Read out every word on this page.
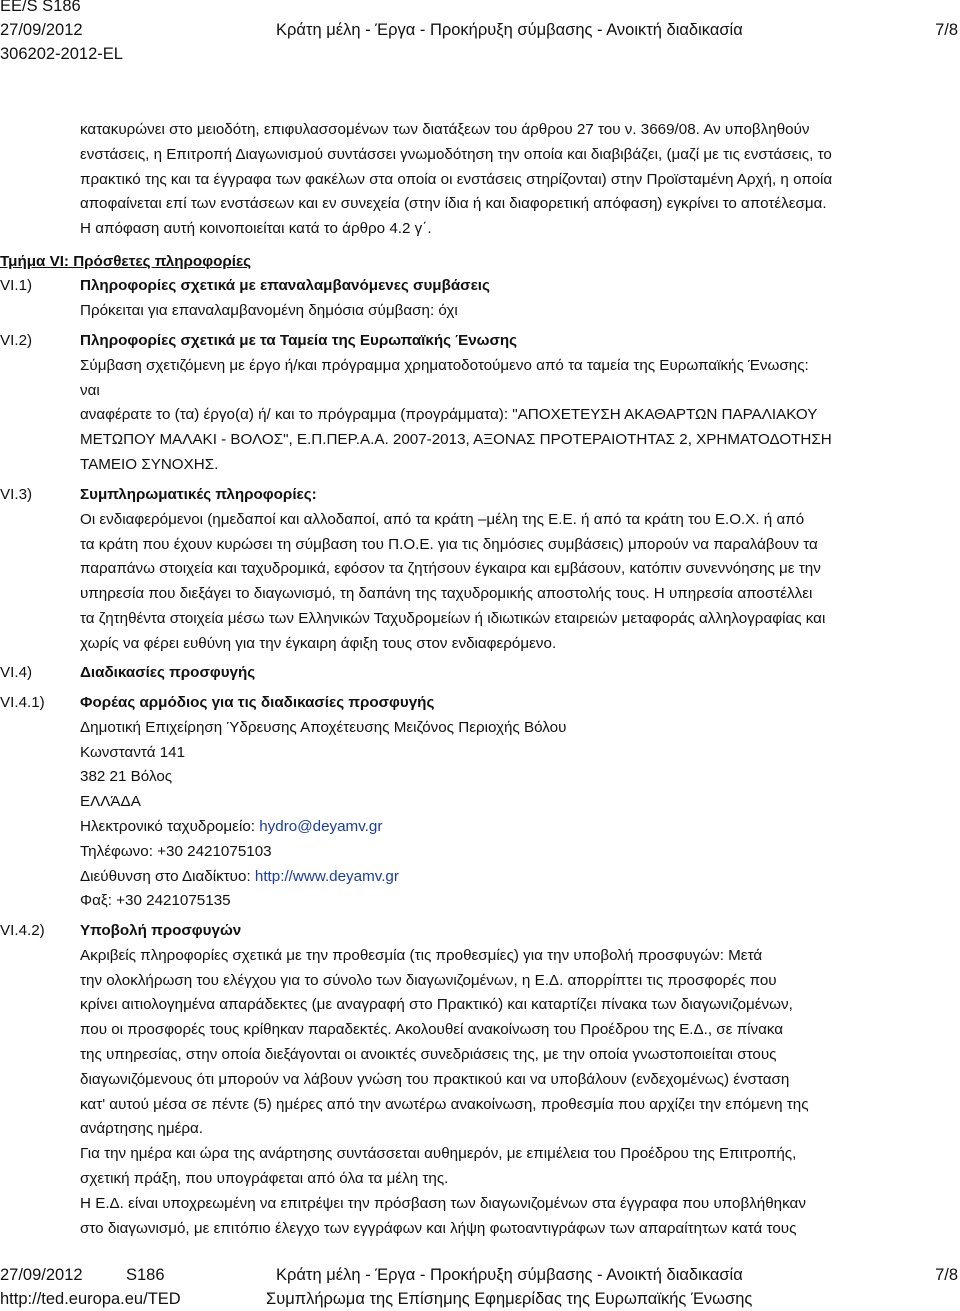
EE/S S186
27/09/2012
306202-2012-EL
Κράτη μέλη - Έργα - Προκήρυξη σύμβασης - Ανοικτή διαδικασία	7/8
κατακυρώνει στο μειοδότη, επιφυλασσομένων των διατάξεων του άρθρου 27 του ν. 3669/08. Αν υποβληθούν
ενστάσεις, η Επιτροπή Διαγωνισμού συντάσσει γνωμοδότηση την οποία και διαβιβάζει, (μαζί με τις ενστάσεις, το
πρακτικό της και τα έγγραφα των φακέλων στα οποία οι ενστάσεις στηρίζονται) στην Προϊσταμένη Αρχή, η οποία
αποφαίνεται επί των ενστάσεων και εν συνεχεία (στην ίδια ή και διαφορετική απόφαση) εγκρίνει το αποτέλεσμα.
Η απόφαση αυτή κοινοποιείται κατά το άρθρο 4.2 γ΄.
Τμήμα VI: Πρόσθετες πληροφορίες
VI.1)	Πληροφορίες σχετικά με επαναλαμβανόμενες συμβάσεις
Πρόκειται για επαναλαμβανομένη δημόσια σύμβαση: όχι
VI.2)	Πληροφορίες σχετικά με τα Ταμεία της Ευρωπαϊκής Ένωσης
Σύμβαση σχετιζόμενη με έργο ή/και πρόγραμμα χρηματοδοτούμενο από τα ταμεία της Ευρωπαϊκής Ένωσης:
ναι
αναφέρατε το (τα) έργο(α) ή/ και το πρόγραμμα (προγράμματα): "ΑΠΟΧΕΤΕΥΣΗ ΑΚΑΘΑΡΤΩΝ ΠΑΡΑΛΙΑΚΟΥ
ΜΕΤΩΠΟΥ ΜΑΛΑΚΙ - ΒΟΛΟΣ", Ε.Π.ΠΕΡ.Α.Α. 2007-2013, ΑΞΟΝΑΣ ΠΡΟΤΕΡΑΙΟΤΗΤΑΣ 2, ΧΡΗΜΑΤΟΔΟΤΗΣΗ
ΤΑΜΕΙΟ ΣΥΝΟΧΗΣ.
VI.3)	Συμπληρωματικές πληροφορίες:
Οι ενδιαφερόμενοι (ημεδαποί και αλλοδαποί, από τα κράτη –μέλη της Ε.Ε. ή από τα κράτη του Ε.Ο.Χ. ή από
τα κράτη που έχουν κυρώσει τη σύμβαση του Π.Ο.Ε. για τις δημόσιες συμβάσεις) μπορούν να παραλάβουν τα
παραπάνω στοιχεία και ταχυδρομικά, εφόσον τα ζητήσουν έγκαιρα και εμβάσουν, κατόπιν συνεννόησης με την
υπηρεσία που διεξάγει το διαγωνισμό, τη δαπάνη της ταχυδρομικής αποστολής τους. Η υπηρεσία αποστέλλει
τα ζητηθέντα στοιχεία μέσω των Ελληνικών Ταχυδρομείων ή ιδιωτικών εταιρειών μεταφοράς αλληλογραφίας και
χωρίς να φέρει ευθύνη για την έγκαιρη άφιξη τους στον ενδιαφερόμενο.
VI.4)	Διαδικασίες προσφυγής
VI.4.1) Φορέας αρμόδιος για τις διαδικασίες προσφυγής
Δημοτική Επιχείρηση Ύδρευσης Αποχέτευσης Μειζόνος Περιοχής Βόλου
Κωνσταντά 141
382 21 Βόλος
ΕΛΛΆΔΑ
Ηλεκτρονικό ταχυδρομείο: hydro@deyamv.gr
Τηλέφωνο: +30 2421075103
Διεύθυνση στο Διαδίκτυο: http://www.deyamv.gr
Φαξ: +30 2421075135
VI.4.2) Υποβολή προσφυγών
Ακριβείς πληροφορίες σχετικά με την προθεσμία (τις προθεσμίες) για την υποβολή προσφυγών: Μετά
την ολοκλήρωση του ελέγχου για το σύνολο των διαγωνιζομένων, η Ε.Δ. απορρίπτει τις προσφορές που
κρίνει αιτιολογημένα απαράδεκτες (με αναγραφή στο Πρακτικό) και καταρτίζει πίνακα των διαγωνιζομένων,
που οι προσφορές τους κρίθηκαν παραδεκτές. Ακολουθεί ανακοίνωση του Προέδρου της Ε.Δ., σε πίνακα
της υπηρεσίας, στην οποία διεξάγονται οι ανοικτές συνεδριάσεις της, με την οποία γνωστοποιείται στους
διαγωνιζόμενους ότι μπορούν να λάβουν γνώση του πρακτικού και να υποβάλουν (ενδεχομένως) ένσταση
κατ' αυτού μέσα σε πέντε (5) ημέρες από την ανωτέρω ανακοίνωση, προθεσμία που αρχίζει την επόμενη της
ανάρτησης ημέρα.
Για την ημέρα και ώρα της ανάρτησης συντάσσεται αυθημερόν, με επιμέλεια του Προέδρου της Επιτροπής,
σχετική πράξη, που υπογράφεται από όλα τα μέλη της.
Η Ε.Δ. είναι υποχρεωμένη να επιτρέψει την πρόσβαση των διαγωνιζομένων στα έγγραφα που υποβλήθηκαν
στο διαγωνισμό, με επιτόπιο έλεγχο των εγγράφων και λήψη φωτοαντιγράφων των απαραίτητων κατά τους
27/09/2012	S186
http://ted.europa.eu/TED
Κράτη μέλη - Έργα - Προκήρυξη σύμβασης - Ανοικτή διαδικασία
Συμπλήρωμα της Επίσημης Εφημερίδας της Ευρωπαϊκής Ένωσης
7/8
